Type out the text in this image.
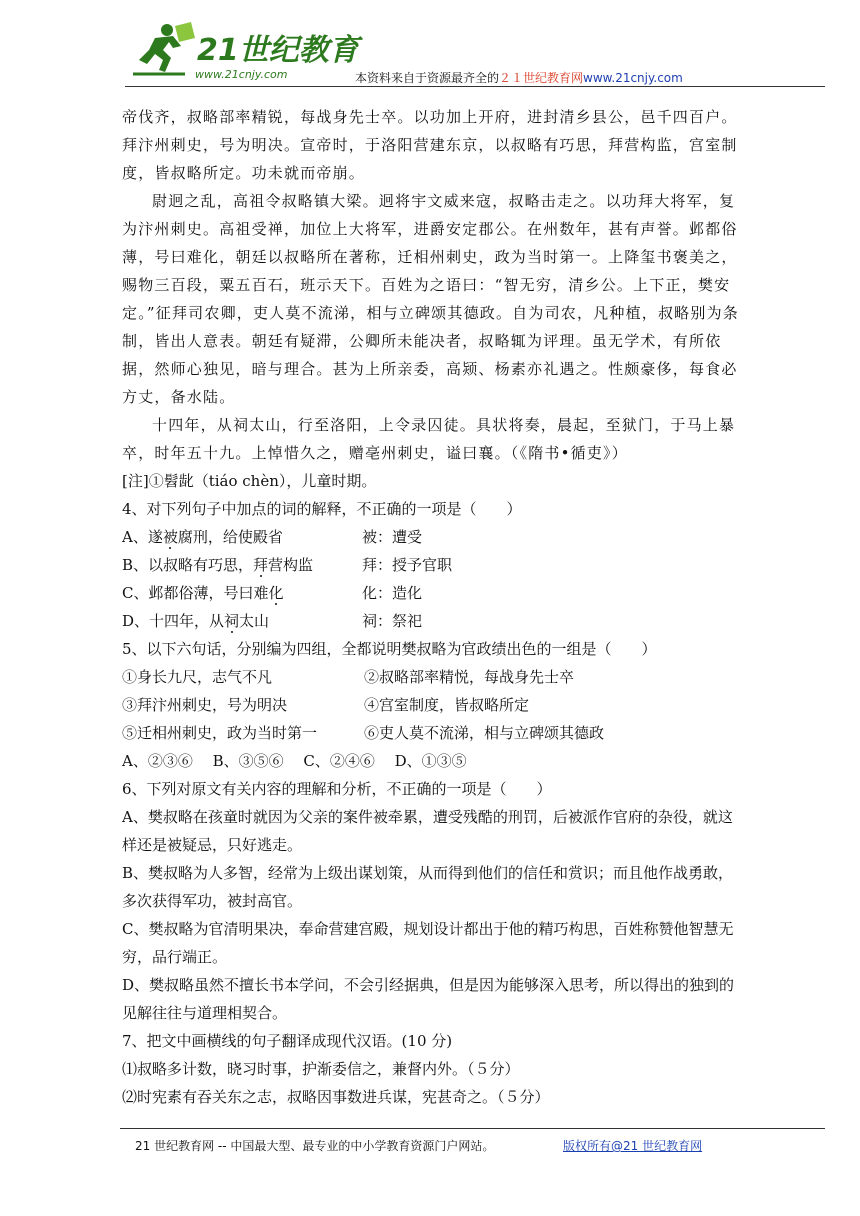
21世纪教育
www.21cnjy.com	本资料来自于资源最齐全的２１世纪教育网www.21cnjy.com

帝伐齐，叔略部率精锐，每战身先士卒。以功加上开府，进封清乡县公，邑千四百户。拜汴州刺史，号为明决。宣帝时，于洛阳营建东京，以叔略有巧思，拜营构监，宫室制度，皆叔略所定。功未就而帝崩。

尉迥之乱，高祖令叔略镇大梁。迥将宇文威来寇，叔略击走之。以功拜大将军，复为汴州刺史。高祖受禅，加位上大将军，进爵安定郡公。在州数年，甚有声誉。邺都俗薄，号曰难化，朝廷以叔略所在著称，迁相州刺史，政为当时第一。上降玺书褒美之，赐物三百段，粟五百石，班示天下。百姓为之语曰：“智无穷，清乡公。上下正，樊安定。”征拜司农卿，吏人莫不流涕，相与立碑颂其德政。自为司农，凡种植，叔略别为条制，皆出人意表。朝廷有疑滞，公卿所未能决者，叔略辄为评理。虽无学术，有所依据，然师心独见，暗与理合。甚为上所亲委，高颎、杨素亦礼遇之。性颇豪侈，每食必方丈，备水陆。

十四年，从祠太山，行至洛阳，上令录囚徒。具状将奏，晨起，至狱门，于马上暴卒，时年五十九。上悼惜久之，赠亳州刺史，谥曰襄。（《隋书•循吏》）

[注]①髫龀（tiáo chèn），儿童时期。

4、对下列句子中加点的词的解释，不正确的一项是（　　）

A、遂被腐刑，给使殿省	被：遭受
B、以叔略有巧思，拜营构监	拜：授予官职
C、邺都俗薄，号曰难化	化：造化
D、十四年，从祠太山	祠：祭祀

5、以下六句话，分别编为四组，全都说明樊叔略为官政绩出色的一组是（　　）

①身长九尺，志气不凡	②叔略部率精悦，每战身先士卒
③拜汴州刺史，号为明决	④宫室制度，皆叔略所定
⑤迁相州刺史，政为当时第一	⑥吏人莫不流涕，相与立碑颂其德政

A、②③⑥　 B、③⑤⑥　 C、②④⑥　 D、①③⑤

6、下列对原文有关内容的理解和分析，不正确的一项是（　　）

A、樊叔略在孩童时就因为父亲的案件被牵累，遭受残酷的刑罚，后被派作官府的杂役，就这样还是被疑忌，只好逃走。

B、樊叔略为人多智，经常为上级出谋划策，从而得到他们的信任和赏识；而且他作战勇敢，多次获得军功，被封高官。

C、樊叔略为官清明果决，奉命营建宫殿，规划设计都出于他的精巧构思，百姓称赞他智慧无穷，品行端正。

D、樊叔略虽然不擅长书本学问，不会引经据典，但是因为能够深入思考，所以得出的独到的见解往往与道理相契合。

7、把文中画横线的句子翻译成现代汉语。(10 分)

⑴叔略多计数，晓习时事，护渐委信之，兼督内外。（５分）

⑵时宪素有吞关东之志，叔略因事数进兵谋，宪甚奇之。（５分）

21 世纪教育网 -- 中国最大型、最专业的中小学教育资源门户网站。	版权所有@21 世纪教育网
